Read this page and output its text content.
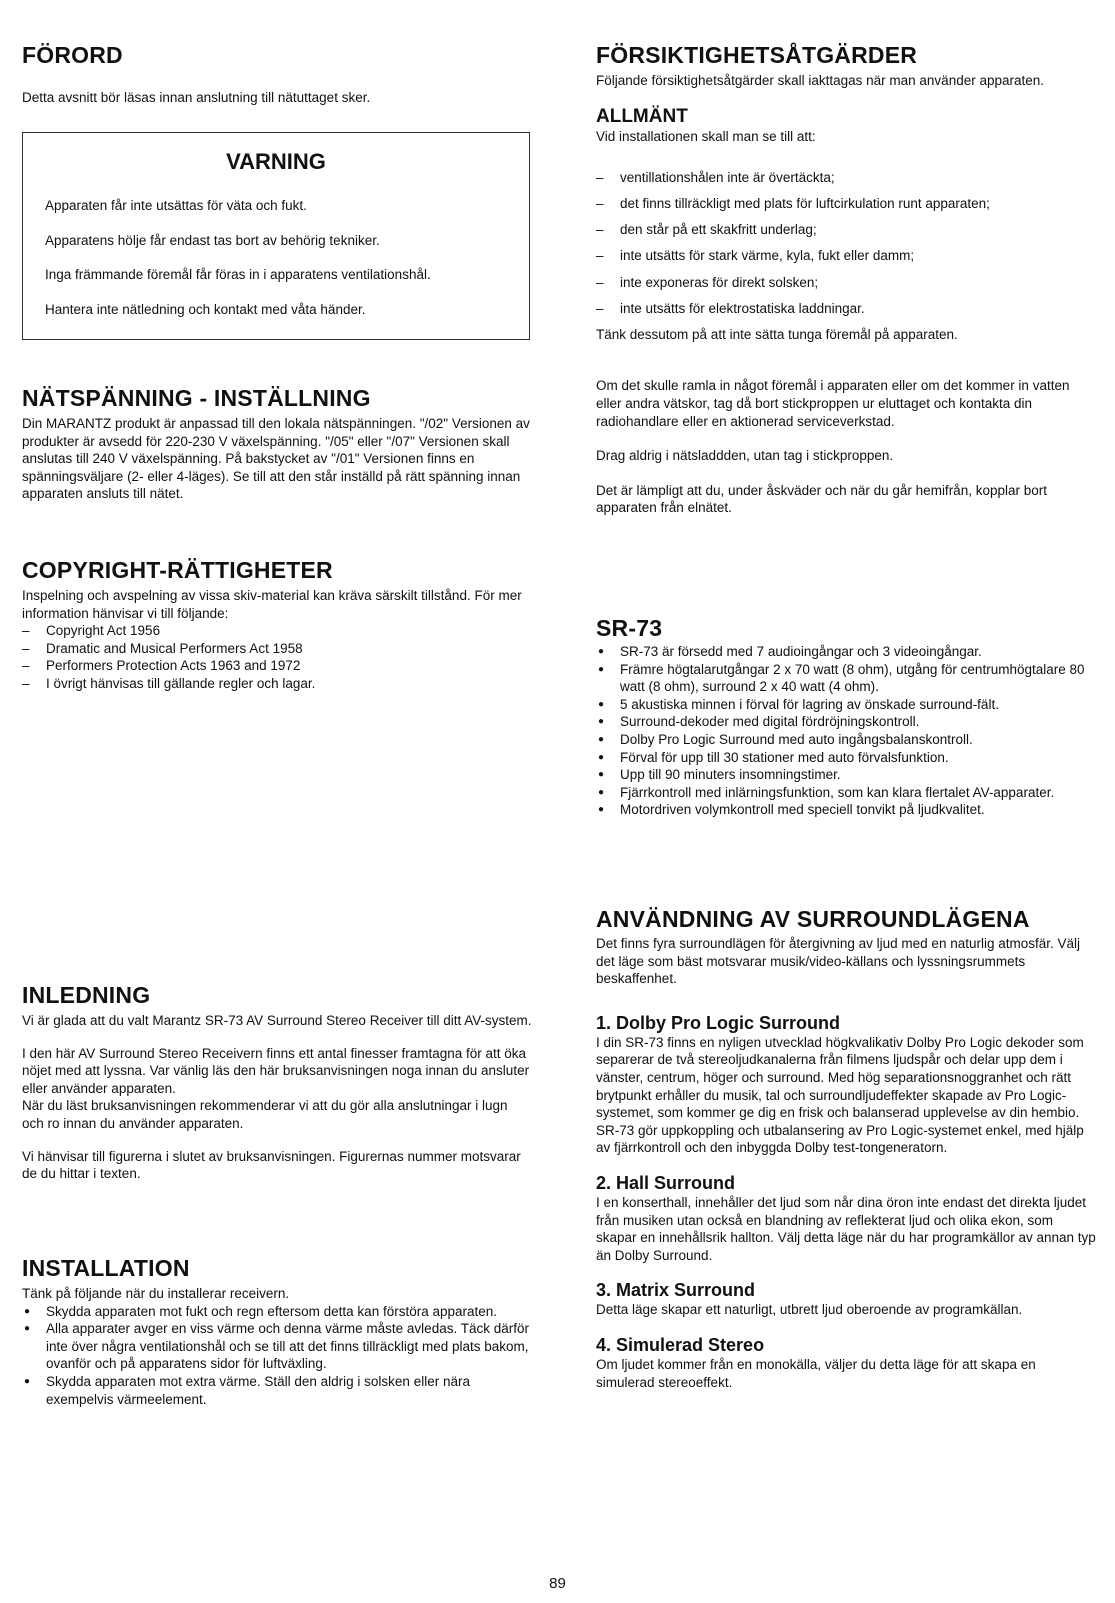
FÖRORD

Detta avsnitt bör läsas innan anslutning till nätuttaget sker.

VARNING

Apparaten får inte utsättas för väta och fukt.

Apparatens hölje får endast tas bort av behörig tekniker.

Inga främmande föremål får föras in i apparatens ventilationshål.

Hantera inte nätledning och kontakt med våta händer.

NÄTSPÄNNING - INSTÄLLNING

Din MARANTZ produkt är anpassad till den lokala nätspänningen. "/02" Versionen av produkter är avsedd för 220-230 V växelspänning. "/05" eller "/07" Versionen skall anslutas till 240 V växelspänning. På bakstycket av "/01" Versionen finns en spänningsväljare (2- eller 4-läges). Se till att den står inställd på rätt spänning innan apparaten ansluts till nätet.

COPYRIGHT-RÄTTIGHETER

Inspelning och avspelning av vissa skiv-material kan kräva särskilt tillstånd. För mer information hänvisar vi till följande:

– Copyright Act 1956
– Dramatic and Musical Performers Act 1958
– Performers Protection Acts 1963 and 1972
– I övrigt hänvisas till gällande regler och lagar.
INLEDNING

Vi är glada att du valt Marantz SR-73 AV Surround Stereo Receiver till ditt AV-system.

I den här AV Surround Stereo Receivern finns ett antal finesser framtagna för att öka nöjet med att lyssna. Var vänlig läs den här bruksanvisningen noga innan du ansluter eller använder apparaten.

När du läst bruksanvisningen rekommenderar vi att du gör alla anslutningar i lugn och ro innan du använder apparaten.

Vi hänvisar till figurerna i slutet av bruksanvisningen. Figurernas nummer motsvarar de du hittar i texten.

INSTALLATION

Tänk på följande när du installerar receivern.

● Skydda apparaten mot fukt och regn eftersom detta kan förstöra apparaten.
● Alla apparater avger en viss värme och denna värme måste avledas. Täck därför inte över några ventilationshål och se till att det finns tillräckligt med plats bakom, ovanför och på apparatens sidor för luftväxling.
● Skydda apparaten mot extra värme. Ställ den aldrig i solsken eller nära exempelvis värmeelement.
FÖRSIKTIGHETSÅTGÄRDER

Följande försiktighetsåtgärder skall iakttagas när man använder apparaten.

ALLMÄNT

Vid installationen skall man se till att:

– ventillationshålen inte är övertäckta;
– det finns tillräckligt med plats för luftcirkulation runt apparaten;
– den står på ett skakfritt underlag;
– inte utsätts för stark värme, kyla, fukt eller damm;
– inte exponeras för direkt solsken;
– inte utsätts för elektrostatiska laddningar.

Tänk dessutom på att inte sätta tunga föremål på apparaten.

Om det skulle ramla in något föremål i apparaten eller om det kommer in vatten eller andra vätskor, tag då bort stickproppen ur eluttaget och kontakta din radiohandlare eller en aktionerad serviceverkstad.

Drag aldrig i nätsladdden, utan tag i stickproppen.

Det är lämpligt att du, under åskväder och när du går hemifrån, kopplar bort apparaten från elnätet.

SR-73
● SR-73 är försedd med 7 audioingångar och 3 videoingångar.
● Främre högtalarutgångar 2 x 70 watt (8 ohm), utgång för centrumhögtalare 80 watt (8 ohm), surround 2 x 40 watt (4 ohm).
● 5 akustiska minnen i förval för lagring av önskade surround-fält.
● Surround-dekoder med digital fördröjningskontroll.
● Dolby Pro Logic Surround med auto ingångsbalanskontroll.
● Förval för upp till 30 stationer med auto förvalsfunktion.
● Upp till 90 minuters insomningstimer.
● Fjärrkontroll med inlärningsfunktion, som kan klara flertalet AV-apparater.
● Motordriven volymkontroll med speciell tonvikt på ljudkvalitet.
ANVÄNDNING AV SURROUNDLÄGENA

Det finns fyra surroundlägen för återgivning av ljud med en naturlig atmosfär. Välj det läge som bäst motsvarar musik/video-källans och lyssningsrummets beskaffenhet.

1. Dolby Pro Logic Surround

I din SR-73 finns en nyligen utvecklad högkvalikativ Dolby Pro Logic dekoder som separerar de två stereoljudkanalerna från filmens ljudspår och delar upp dem i vänster, centrum, höger och surround. Med hög separationsnoggranhet och rätt brytpunkt erhåller du musik, tal och surroundljudeffekter skapade av Pro Logic-systemet, som kommer ge dig en frisk och balanserad upplevelse av din hembio.

SR-73 gör uppkoppling och utbalansering av Pro Logic-systemet enkel, med hjälp av fjärrkontroll och den inbyggda Dolby test-tongeneratorn.

2. Hall Surround

I en konserthall, innehåller det ljud som når dina öron inte endast det direkta ljudet från musiken utan också en blandning av reflekterat ljud och olika ekon, som skapar en innehållsrik hallton. Välj detta läge när du har programkällor av annan typ än Dolby Surround.

3. Matrix Surround

Detta läge skapar ett naturligt, utbrett ljud oberoende av programkällan.

4. Simulerad Stereo

Om ljudet kommer från en monokälla, väljer du detta läge för att skapa en simulerad stereoeffekt.

89
